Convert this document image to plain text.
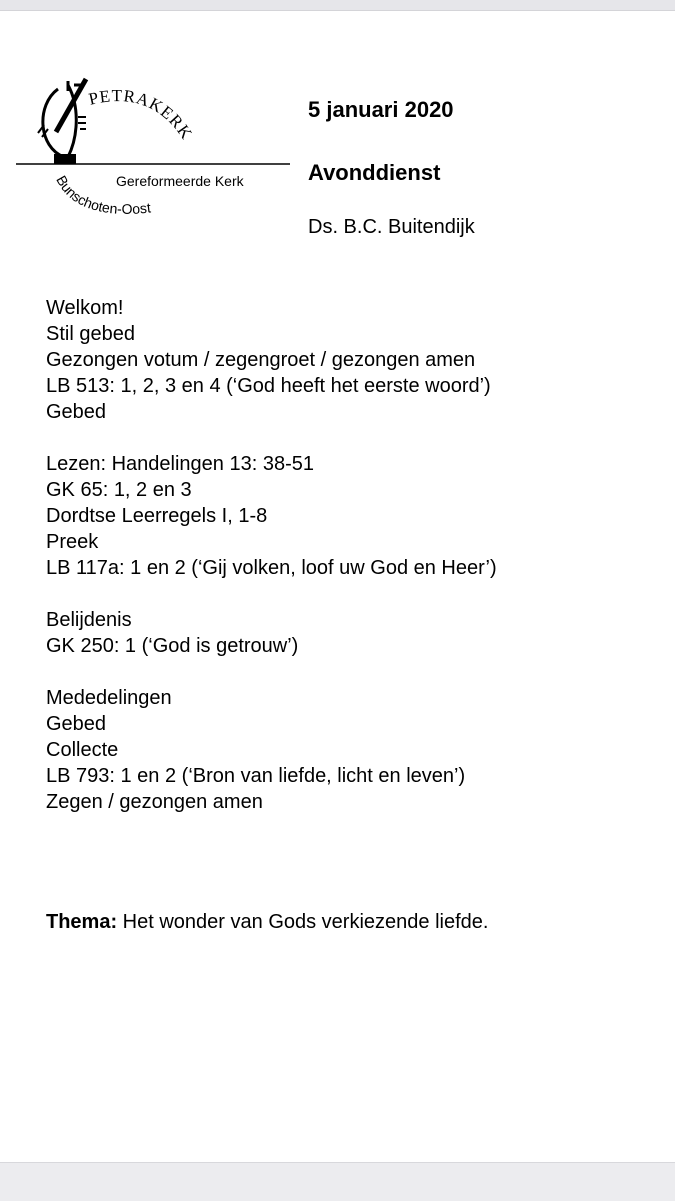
PETRAKERK
Gereformeerde Kerk
Bunschoten-Oost
5 januari 2020
Avonddienst
Ds. B.C. Buitendijk
Welkom!
Stil gebed
Gezongen votum / zegengroet / gezongen amen
LB 513: 1, 2, 3 en 4 (‘God heeft het eerste woord’)
Gebed
Lezen: Handelingen 13: 38-51
GK 65: 1, 2 en 3
Dordtse Leerregels I, 1-8
Preek
LB 117a: 1 en 2 (‘Gij volken, loof uw God en Heer’)
Belijdenis
GK 250: 1 (‘God is getrouw’)
Mededelingen
Gebed
Collecte
LB 793: 1 en 2 (‘Bron van liefde, licht en leven’)
Zegen / gezongen amen
Thema: Het wonder van Gods verkiezende liefde.
